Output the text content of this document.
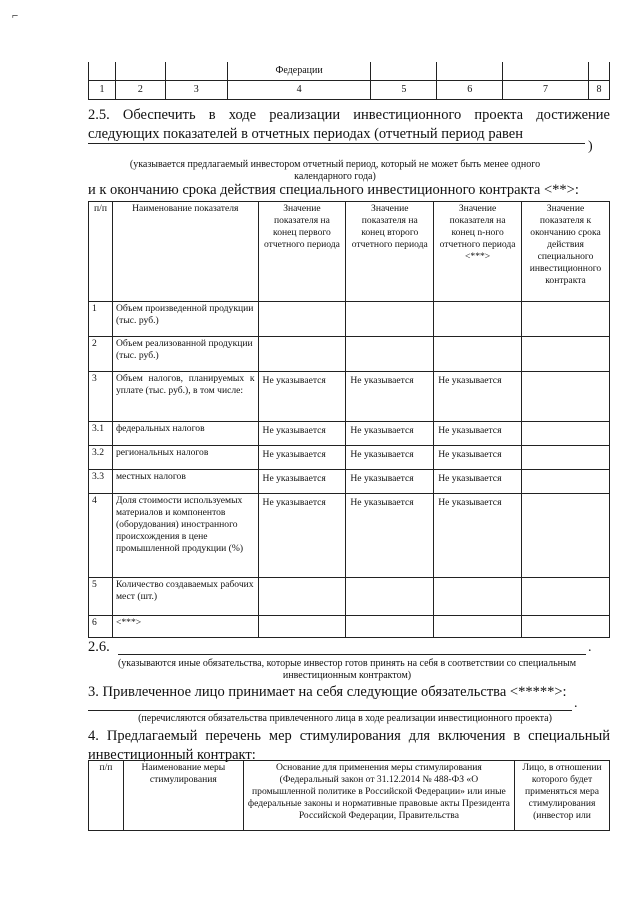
⌐
			Федерации				
1	2	3	4	5	6	7	8
2.5. Обеспечить в ходе реализации инвестиционного проекта достижение следующих показателей в отчетных периодах (отчетный период равен
)
(указывается предлагаемый инвестором отчетный период, который не может быть менее одного календарного года)
и к окончанию срока действия специального инвестиционного контракта <**>:
п/п	Наименование показателя	Значение показателя на конец первого отчетного периода	Значение показателя на конец второго отчетного периода	Значение показателя на конец n-ного отчетного периода <***>	Значение показателя к окончанию срока действия специального инвестиционного контракта
1	Объем произведенной продукции (тыс. руб.)				
2	Объем реализованной продукции (тыс. руб.)				
3	Объем налогов, планируемых к уплате (тыс. руб.), в том числе:	Не указывается	Не указывается	Не указывается	
3.1	федеральных налогов	Не указывается	Не указывается	Не указывается	
3.2	региональных налогов	Не указывается	Не указывается	Не указывается	
3.3	местных налогов	Не указывается	Не указывается	Не указывается	
4	Доля стоимости используемых материалов и компонентов (оборудования) иностранного происхождения в цене промышленной продукции (%)	Не указывается	Не указывается	Не указывается	
5	Количество создаваемых рабочих мест (шт.)				
6	<***>				
2.6.	.
(указываются иные обязательства, которые инвестор готов принять на себя в соответствии со специальным инвестиционным контрактом)
3. Привлеченное лицо принимает на себя следующие обязательства <*****>:
.
(перечисляются обязательства привлеченного лица в ходе реализации инвестиционного проекта)
4. Предлагаемый перечень мер стимулирования для включения в специальный инвестиционный контракт:
п/п	Наименование меры стимулирования	Основание для применения меры стимулирования (Федеральный закон от 31.12.2014 № 488-ФЗ «О промышленной политике в Российской Федерации» или иные федеральные законы и нормативные правовые акты Президента Российской Федерации, Правительства	Лицо, в отношении которого будет применяться мера стимулирования (инвестор или
